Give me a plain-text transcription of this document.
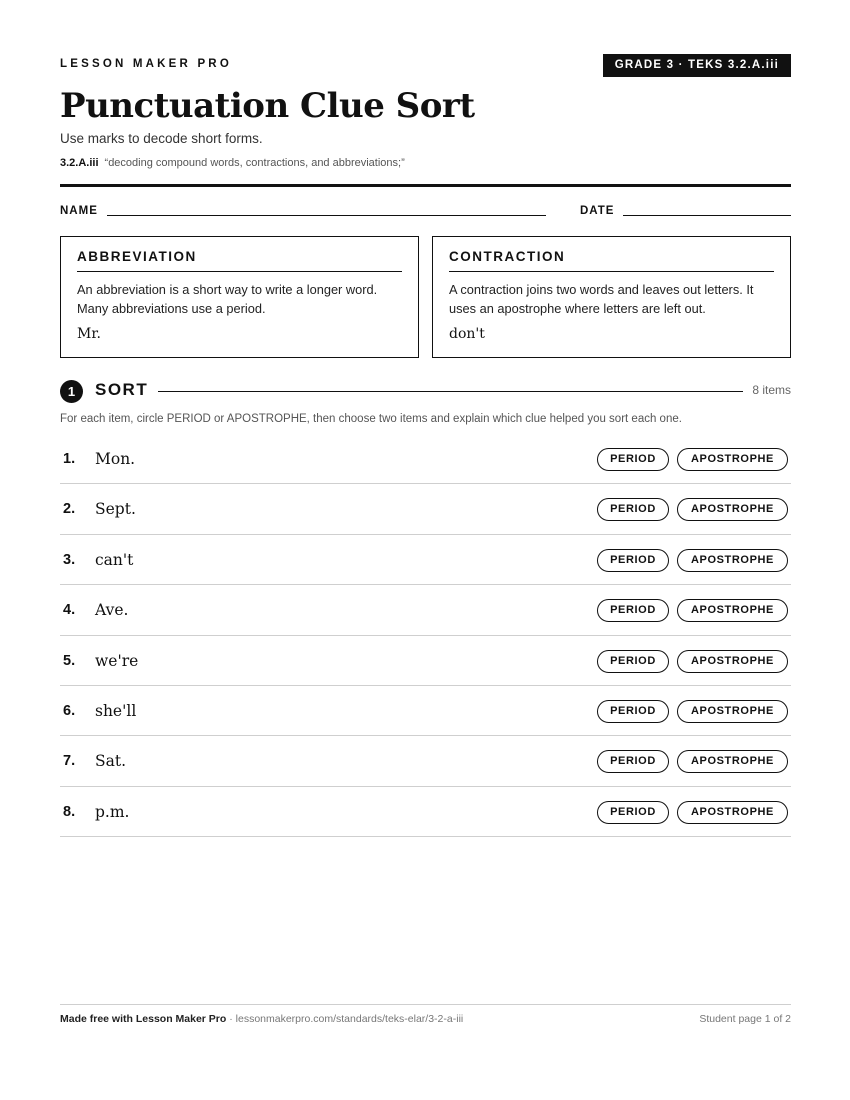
LESSON MAKER PRO	GRADE 3 · TEKS 3.2.A.iii
Punctuation Clue Sort
Use marks to decode short forms.
3.2.A.iii “decoding compound words, contractions, and abbreviations;”
NAME	DATE
ABBREVIATION
An abbreviation is a short way to write a longer word. Many abbreviations use a period.
Mr.
CONTRACTION
A contraction joins two words and leaves out letters. It uses an apostrophe where letters are left out.
don't
1	SORT	8 items
For each item, circle PERIOD or APOSTROPHE, then choose two items and explain which clue helped you sort each one.
1. Mon.	PERIOD	APOSTROPHE
2. Sept.	PERIOD	APOSTROPHE
3. can't	PERIOD	APOSTROPHE
4. Ave.	PERIOD	APOSTROPHE
5. we're	PERIOD	APOSTROPHE
6. she'll	PERIOD	APOSTROPHE
7. Sat.	PERIOD	APOSTROPHE
8. p.m.	PERIOD	APOSTROPHE
Made free with Lesson Maker Pro · lessonmakerpro.com/standards/teks-elar/3-2-a-iii	Student page 1 of 2
